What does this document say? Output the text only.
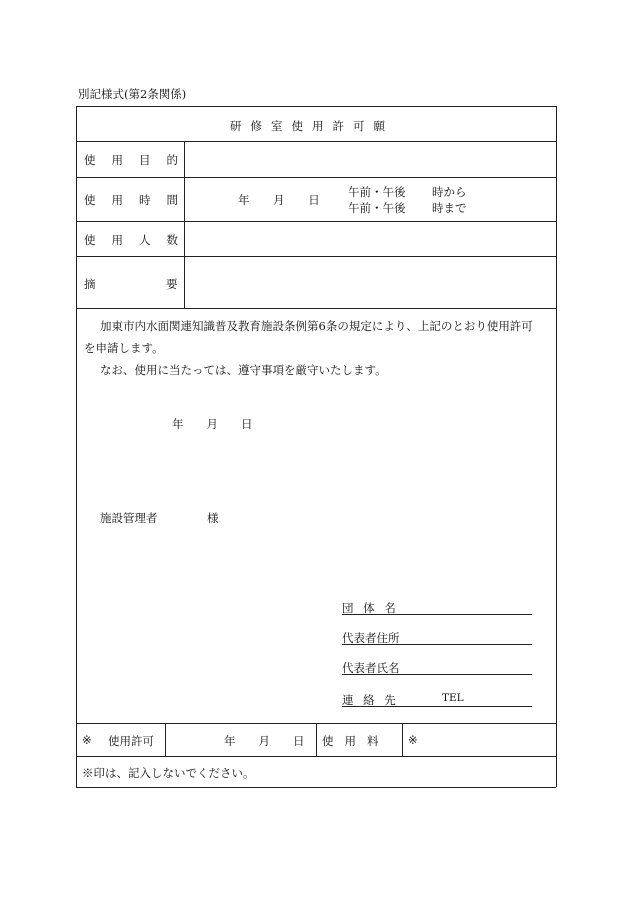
別記様式(第2条関係)
研修室使用許可願
使用目的
使用時間	年 月 日
午前・午後 時から
午前・午後 時まで
使用人数
摘	要
加東市内水面関連知識普及教育施設条例第6条の規定により、上記のとおり使用許可
を申請します。
なお、使用に当たっては、遵守事項を厳守いたします。
年　　月　　日
施設管理者	様
団 体 名
代表者住所
代表者氏名
連 絡 先	TEL
※ 使用許可	年　　月　　日 使用料 ※
※印は、記入しないでください。
